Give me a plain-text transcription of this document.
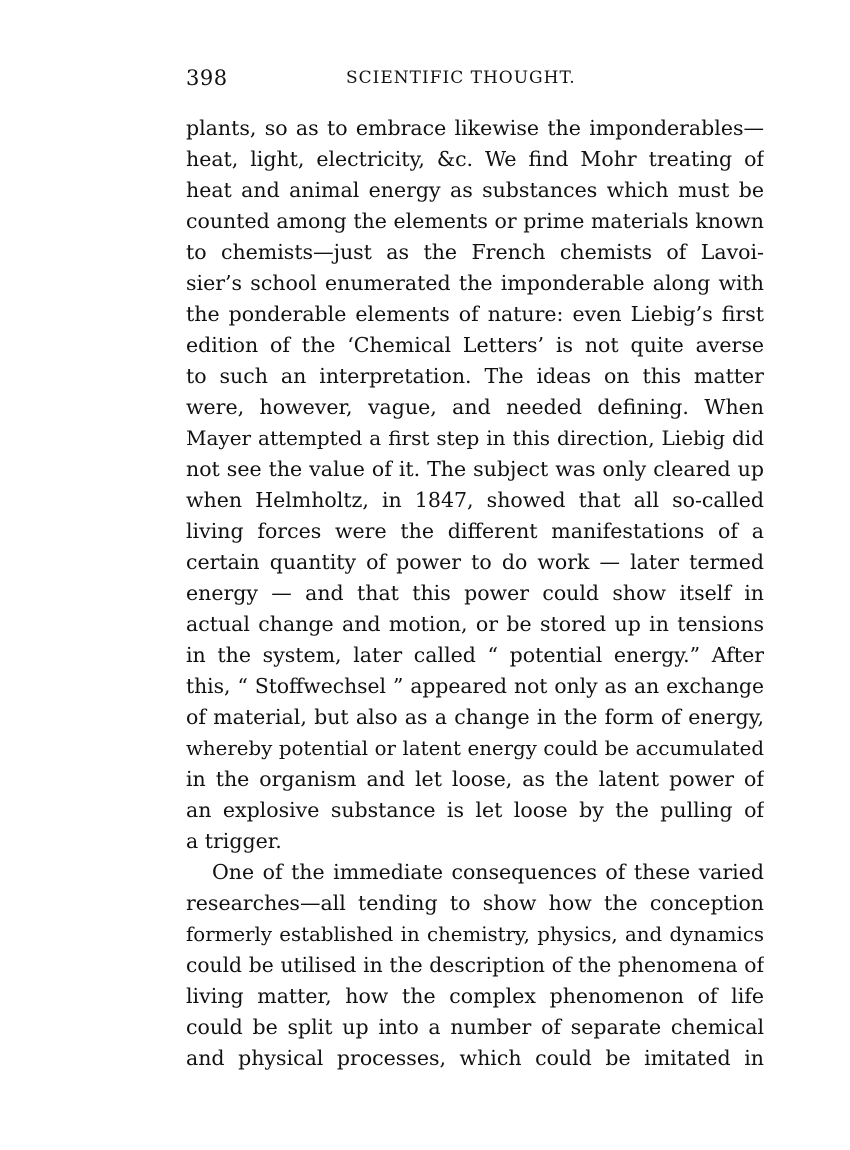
398	SCIENTIFIC THOUGHT.
plants, so as to embrace likewise the imponderables—
heat, light, electricity, &c. We find Mohr treating of
heat and animal energy as substances which must be
counted among the elements or prime materials known
to chemists—just as the French chemists of Lavoi-
sier’s school enumerated the imponderable along with
the ponderable elements of nature: even Liebig’s first
edition of the ‘Chemical Letters’ is not quite averse
to such an interpretation. The ideas on this matter
were, however, vague, and needed defining. When
Mayer attempted a first step in this direction, Liebig did
not see the value of it. The subject was only cleared up
when Helmholtz, in 1847, showed that all so-called
living forces were the different manifestations of a
certain quantity of power to do work — later termed
energy — and that this power could show itself in
actual change and motion, or be stored up in tensions
in the system, later called “ potential energy.” After
this, “ Stoffwechsel ” appeared not only as an exchange
of material, but also as a change in the form of energy,
whereby potential or latent energy could be accumulated
in the organism and let loose, as the latent power of
an explosive substance is let loose by the pulling of
a trigger.
One of the immediate consequences of these varied
researches—all tending to show how the conception
formerly established in chemistry, physics, and dynamics
could be utilised in the description of the phenomena of
living matter, how the complex phenomenon of life
could be split up into a number of separate chemical
and physical processes, which could be imitated in
